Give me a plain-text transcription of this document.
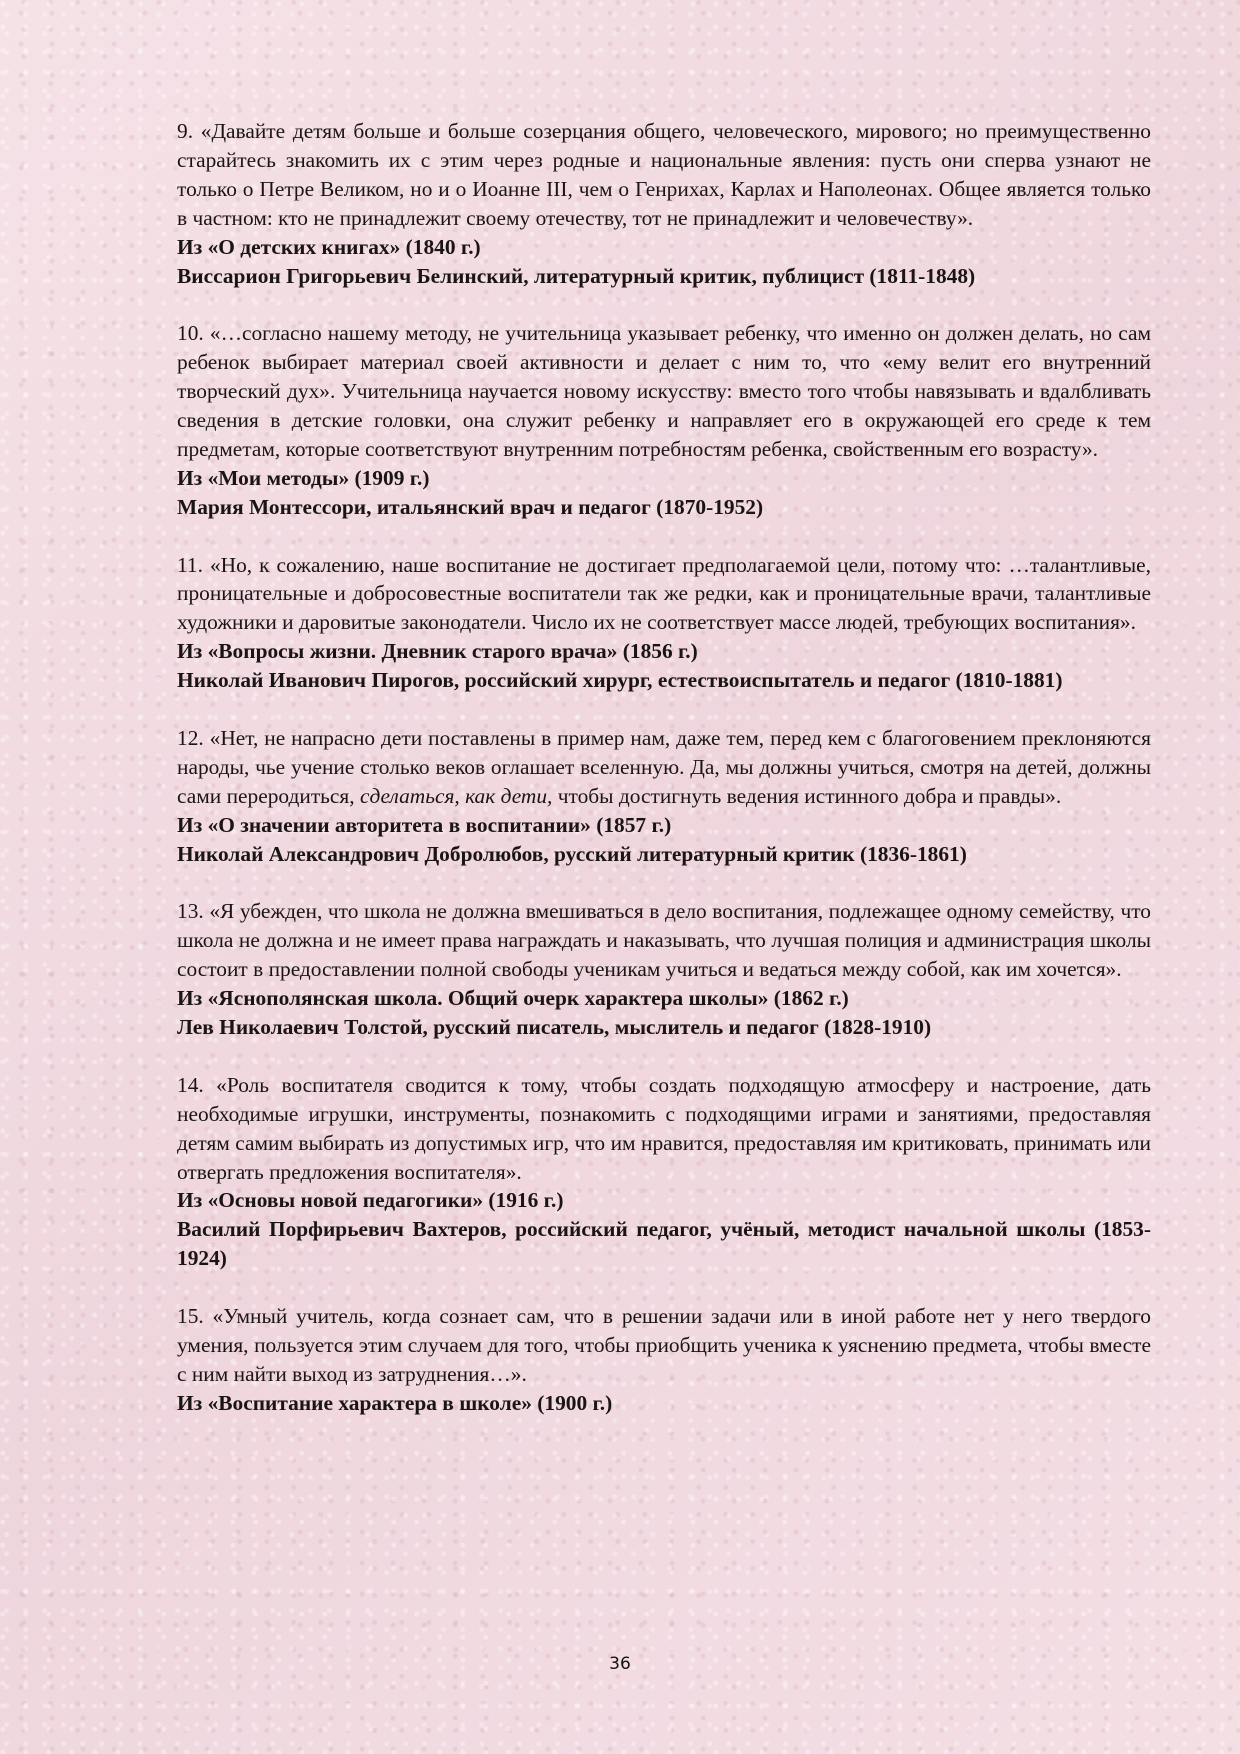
9. «Давайте детям больше и больше созерцания общего, человеческого, мирового; но преимущественно старайтесь знакомить их с этим через родные и национальные явления: пусть они сперва узнают не только о Петре Великом, но и о Иоанне III, чем о Генрихах, Карлах и Наполеонах. Общее является только в частном: кто не принадлежит своему отечеству, тот не принадлежит и человечеству».

Из «О детских книгах» (1840 г.)

Виссарион Григорьевич Белинский, литературный критик, публицист (1811-1848)

10. «…согласно нашему методу, не учительница указывает ребенку, что именно он должен делать, но сам ребенок выбирает материал своей активности и делает с ним то, что «ему велит его внутренний творческий дух». Учительница научается новому искусству: вместо того чтобы навязывать и вдалбливать сведения в детские головки, она служит ребенку и направляет его в окружающей его среде к тем предметам, которые соответствуют внутренним потребностям ребенка, свойственным его возрасту».

Из «Мои методы» (1909 г.)

Мария Монтессори, итальянский врач и педагог (1870-1952)

11. «Но, к сожалению, наше воспитание не достигает предполагаемой цели, потому что: …талантливые, проницательные и добросовестные воспитатели так же редки, как и проницательные врачи, талантливые художники и даровитые законодатели. Число их не соответствует массе людей, требующих воспитания».

Из «Вопросы жизни. Дневник старого врача» (1856 г.)

Николай Иванович Пирогов, российский хирург, естествоиспытатель и педагог (1810-1881)

12. «Нет, не напрасно дети поставлены в пример нам, даже тем, перед кем с благоговением преклоняются народы, чье учение столько веков оглашает вселенную. Да, мы должны учиться, смотря на детей, должны сами переродиться, сделаться, как дети, чтобы достигнуть ведения истинного добра и правды».

Из «О значении авторитета в воспитании» (1857 г.)

Николай Александрович Добролюбов, русский литературный критик (1836-1861)

13. «Я убежден, что школа не должна вмешиваться в дело воспитания, подлежащее одному семейству, что школа не должна и не имеет права награждать и наказывать, что лучшая полиция и администрация школы состоит в предоставлении полной свободы ученикам учиться и ведаться между собой, как им хочется».

Из «Яснополянская школа. Общий очерк характера школы» (1862 г.)

Лев Николаевич Толстой, русский писатель, мыслитель и педагог (1828-1910)

14. «Роль воспитателя сводится к тому, чтобы создать подходящую атмосферу и настроение, дать необходимые игрушки, инструменты, познакомить с подходящими играми и занятиями, предоставляя детям самим выбирать из допустимых игр, что им нравится, предоставляя им критиковать, принимать или отвергать предложения воспитателя».

Из «Основы новой педагогики» (1916 г.)

Василий Порфирьевич Вахтеров, российский педагог, учёный, методист начальной школы (1853-1924)

15. «Умный учитель, когда сознает сам, что в решении задачи или в иной работе нет у него твердого умения, пользуется этим случаем для того, чтобы приобщить ученика к уяснению предмета, чтобы вместе с ним найти выход из затруднения…».

Из «Воспитание характера в школе» (1900 г.)

36
